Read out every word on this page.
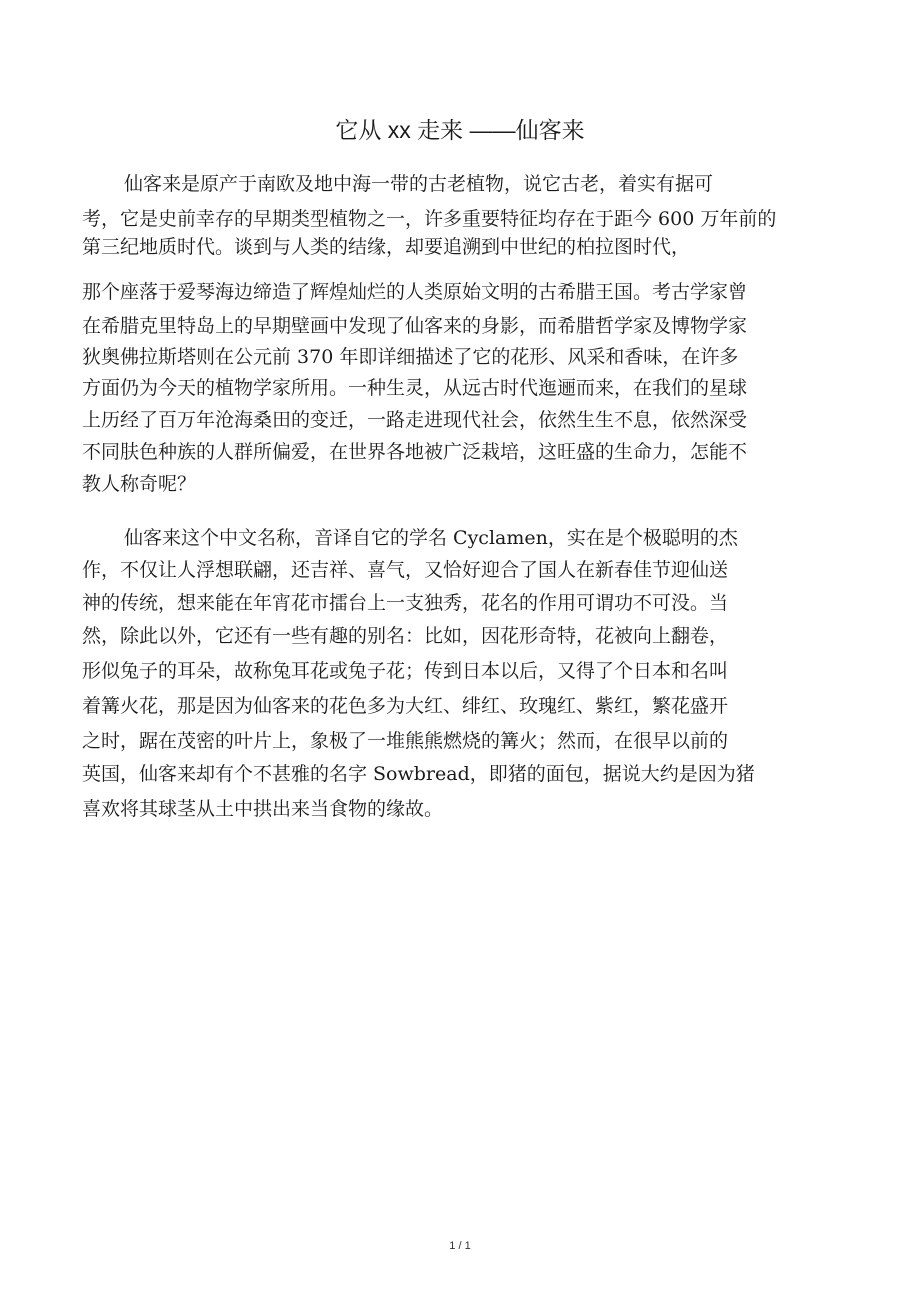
它从 xx 走来 ——仙客来
仙客来是原产于南欧及地中海一带的古老植物，说它古老，着实有据可
考，它是史前幸存的早期类型植物之一，许多重要特征均存在于距今 600 万年前的
第三纪地质时代。谈到与人类的结缘，却要追溯到中世纪的柏拉图时代，
那个座落于爱琴海边缔造了辉煌灿烂的人类原始文明的古希腊王国。考古学家曾
在希腊克里特岛上的早期壁画中发现了仙客来的身影，而希腊哲学家及博物学家
狄奥佛拉斯塔则在公元前 370 年即详细描述了它的花形、风采和香味，在许多
方面仍为今天的植物学家所用。一种生灵，从远古时代迤逦而来，在我们的星球
上历经了百万年沧海桑田的变迁，一路走进现代社会，依然生生不息，依然深受
不同肤色种族的人群所偏爱，在世界各地被广泛栽培，这旺盛的生命力，怎能不
教人称奇呢？
仙客来这个中文名称，音译自它的学名 Cyclamen，实在是个极聪明的杰
作，不仅让人浮想联翩，还吉祥、喜气，又恰好迎合了国人在新春佳节迎仙送
神的传统，想来能在年宵花市擂台上一支独秀，花名的作用可谓功不可没。当
然，除此以外，它还有一些有趣的别名：比如，因花形奇特，花被向上翻卷，
形似兔子的耳朵，故称兔耳花或兔子花；传到日本以后，又得了个日本和名叫
着篝火花，那是因为仙客来的花色多为大红、绯红、玫瑰红、紫红，繁花盛开
之时，踞在茂密的叶片上，象极了一堆熊熊燃烧的篝火；然而，在很早以前的
英国，仙客来却有个不甚雅的名字 Sowbread，即猪的面包，据说大约是因为猪
喜欢将其球茎从土中拱出来当食物的缘故。
1 / 1
